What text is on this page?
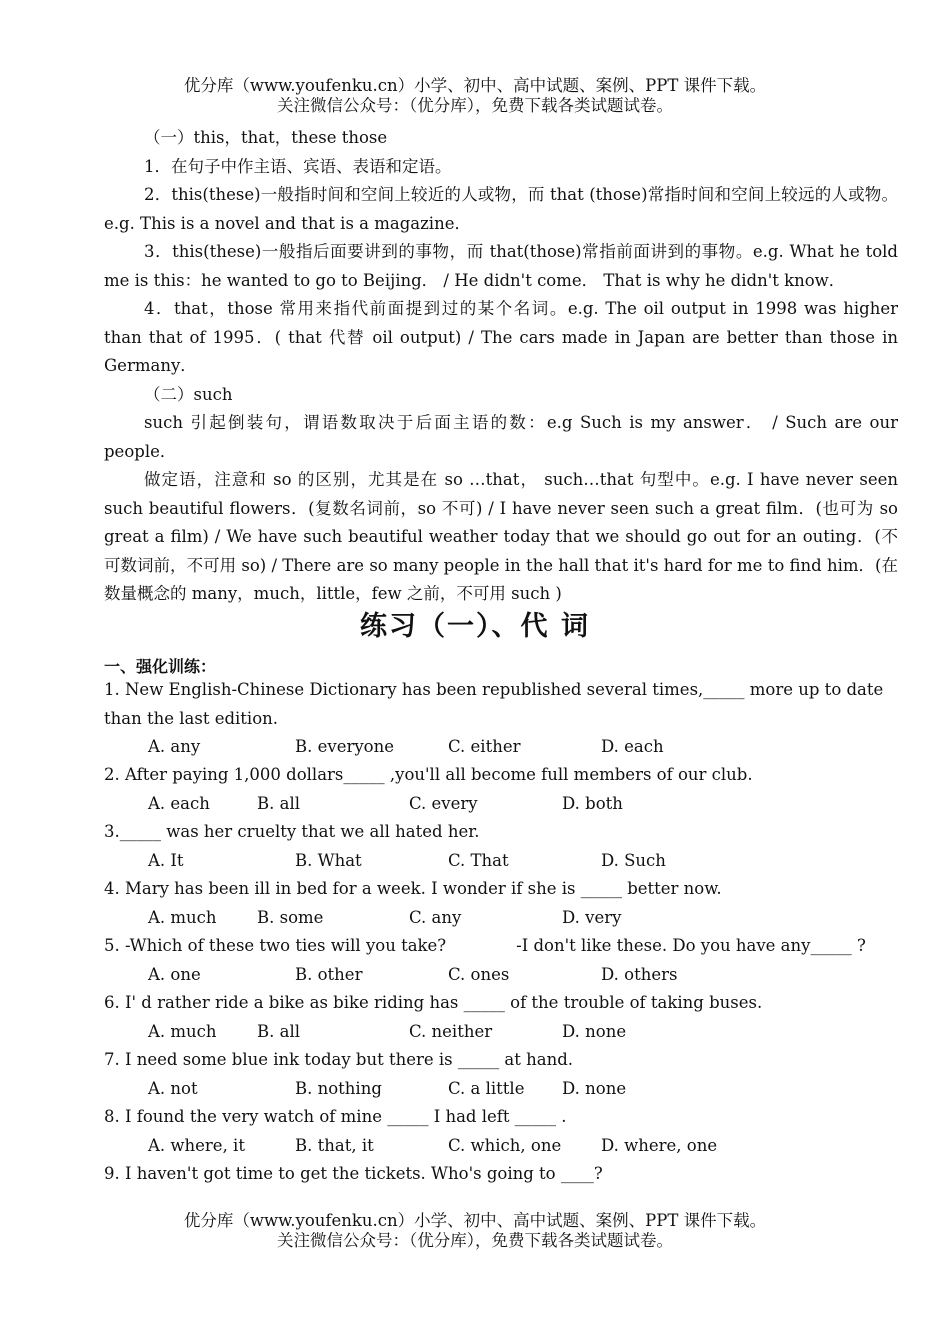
优分库（www.youfenku.cn）小学、初中、高中试题、案例、PPT 课件下载。
关注微信公众号：（优分库），免费下载各类试题试卷。
（一）this，that，these those
1．在句子中作主语、宾语、表语和定语。
2．this(these)一般指时间和空间上较近的人或物，而 that (those)常指时间和空间上较远的人或物。e.g. This is a novel and that is a magazine．
3．this(these)一般指后面要讲到的事物，而 that(those)常指前面讲到的事物。e.g. What he told me is this：he wanted to go to Beijing． / He didn't come． That is why he didn't know．
4．that，those 常用来指代前面提到过的某个名词。e.g. The oil output in 1998 was higher than that of 1995．( that 代替 oil output) / The cars made in Japan are better than those in Germany．
（二）such
such 引起倒装句，谓语数取决于后面主语的数：e.g Such is my answer． / Such are our people．
做定语，注意和 so 的区别，尤其是在 so …that， such…that 句型中。e.g. I have never seen such beautiful flowers．(复数名词前，so 不可) / I have never seen such a great film．(也可为 so great a film) / We have such beautiful weather today that we should go out for an outing．(不可数词前，不可用 so) / There are so many people in the hall that it's hard for me to find him．(在数量概念的 many，much，little，few 之前，不可用 such )
练习（一）、代 词
一、强化训练：
1. New English-Chinese Dictionary has been republished several times,_____ more up to date than the last edition.
A. any	B. everyone	C. either	D. each
2. After paying 1,000 dollars_____ ,you'll all become full members of our club.
A. each	B. all	C. every	D. both
3._____ was her cruelty that we all hated her.
A. It	B. What	C. That	D. Such
4. Mary has been ill in bed for a week. I wonder if she is _____ better now.
A. much B. some	C. any	D. very
5. -Which of these two ties will you take?	-I don't like these. Do you have any_____ ?
A. one	B. other	C. ones	D. others
6. I' d rather ride a bike as bike riding has _____ of the trouble of taking buses.
A. much B. all	C. neither	D. none
7. I need some blue ink today but there is _____ at hand.
A. not	B. nothing	C. a little D. none
8. I found the very watch of mine _____ I had left _____ .
A. where, it	B. that, it	C. which, one D. where, one
9. I haven't got time to get the tickets. Who's going to ____?
优分库（www.youfenku.cn）小学、初中、高中试题、案例、PPT 课件下载。
关注微信公众号：（优分库），免费下载各类试题试卷。
